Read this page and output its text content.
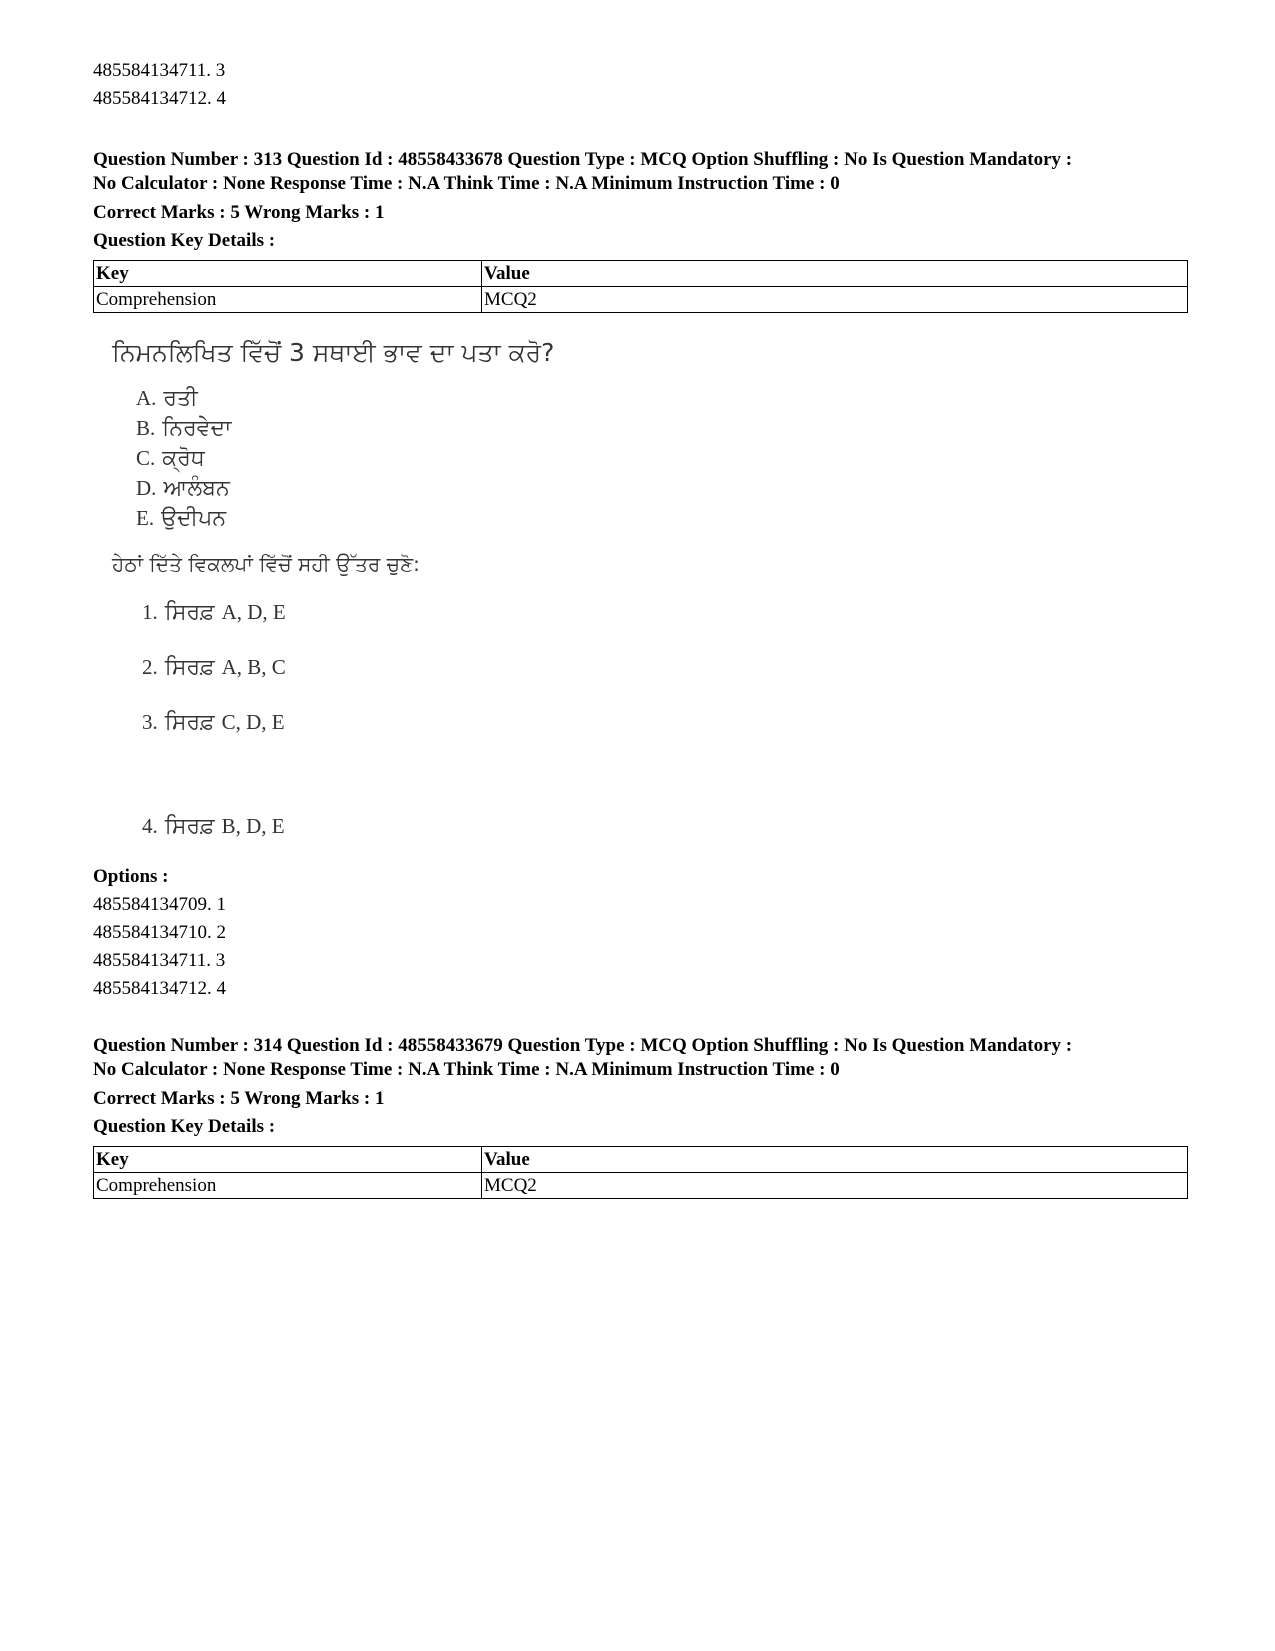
485584134711. 3
485584134712. 4
Question Number : 313 Question Id : 48558433678 Question Type : MCQ Option Shuffling : No Is Question Mandatory :
No Calculator : None Response Time : N.A Think Time : N.A Minimum Instruction Time : 0
Correct Marks : 5 Wrong Marks : 1
Question Key Details :
Key	Value
Comprehension	MCQ2
ਨਿਮਨਲਿਖਿਤ ਵਿੱਚੋਂ 3 ਸਥਾਈ ਭਾਵ ਦਾ ਪਤਾ ਕਰੋ?
A. ਰਤੀ
B. ਨਿਰਵੇਦਾ
C. ਕ੍ਰੋਧ
D. ਆਲੰਬਨ
E. ਉਦੀਪਨ
ਹੇਠਾਂ ਦਿੱਤੇ ਵਿਕਲਪਾਂ ਵਿੱਚੋਂ ਸਹੀ ਉੱਤਰ ਚੁਣੋ:
1. ਸਿਰਫ਼ A, D, E
2. ਸਿਰਫ਼ A, B, C
3. ਸਿਰਫ਼ C, D, E
4. ਸਿਰਫ਼ B, D, E
Options :
485584134709. 1
485584134710. 2
485584134711. 3
485584134712. 4
Question Number : 314 Question Id : 48558433679 Question Type : MCQ Option Shuffling : No Is Question Mandatory :
No Calculator : None Response Time : N.A Think Time : N.A Minimum Instruction Time : 0
Correct Marks : 5 Wrong Marks : 1
Question Key Details :
Key	Value
Comprehension	MCQ2
